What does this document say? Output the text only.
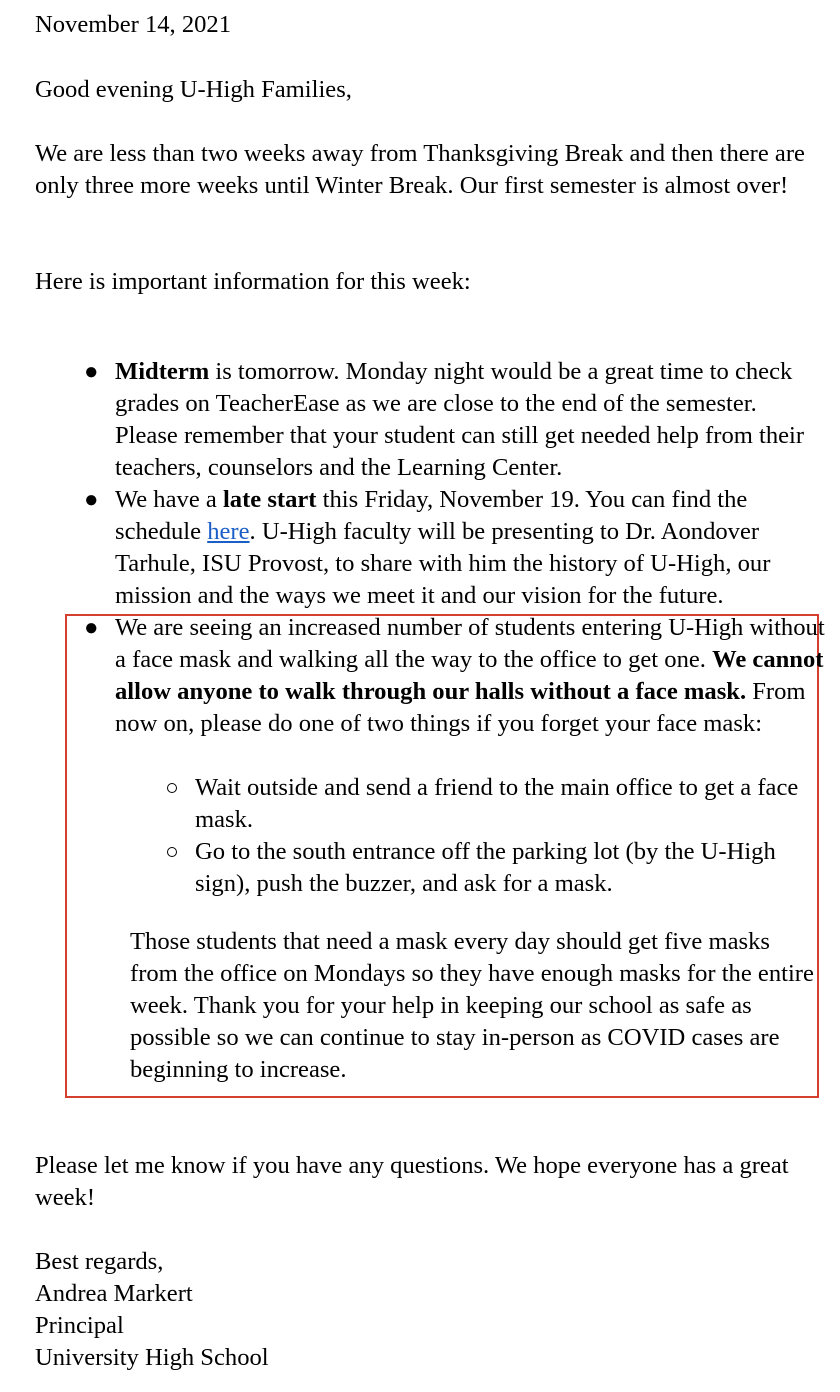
November 14, 2021

Good evening U-High Families,

We are less than two weeks away from Thanksgiving Break and then there are only three more weeks until Winter Break. Our first semester is almost over!

Here is important information for this week:

● Midterm is tomorrow. Monday night would be a great time to check grades on TeacherEase as we are close to the end of the semester. Please remember that your student can still get needed help from their teachers, counselors and the Learning Center.
● We have a late start this Friday, November 19. You can find the schedule here. U-High faculty will be presenting to Dr. Aondover Tarhule, ISU Provost, to share with him the history of U-High, our mission and the ways we meet it and our vision for the future.
● We are seeing an increased number of students entering U-High without a face mask and walking all the way to the office to get one. We cannot allow anyone to walk through our halls without a face mask. From now on, please do one of two things if you forget your face mask:
Wait outside and send a friend to the main office to get a face mask.
Go to the south entrance off the parking lot (by the U-High sign), push the buzzer, and ask for a mask.

Those students that need a mask every day should get five masks from the office on Mondays so they have enough masks for the entire week. Thank you for your help in keeping our school as safe as possible so we can continue to stay in-person as COVID cases are beginning to increase.

Please let me know if you have any questions. We hope everyone has a great week!

Best regards,

Andrea Markert

Principal

University High School
